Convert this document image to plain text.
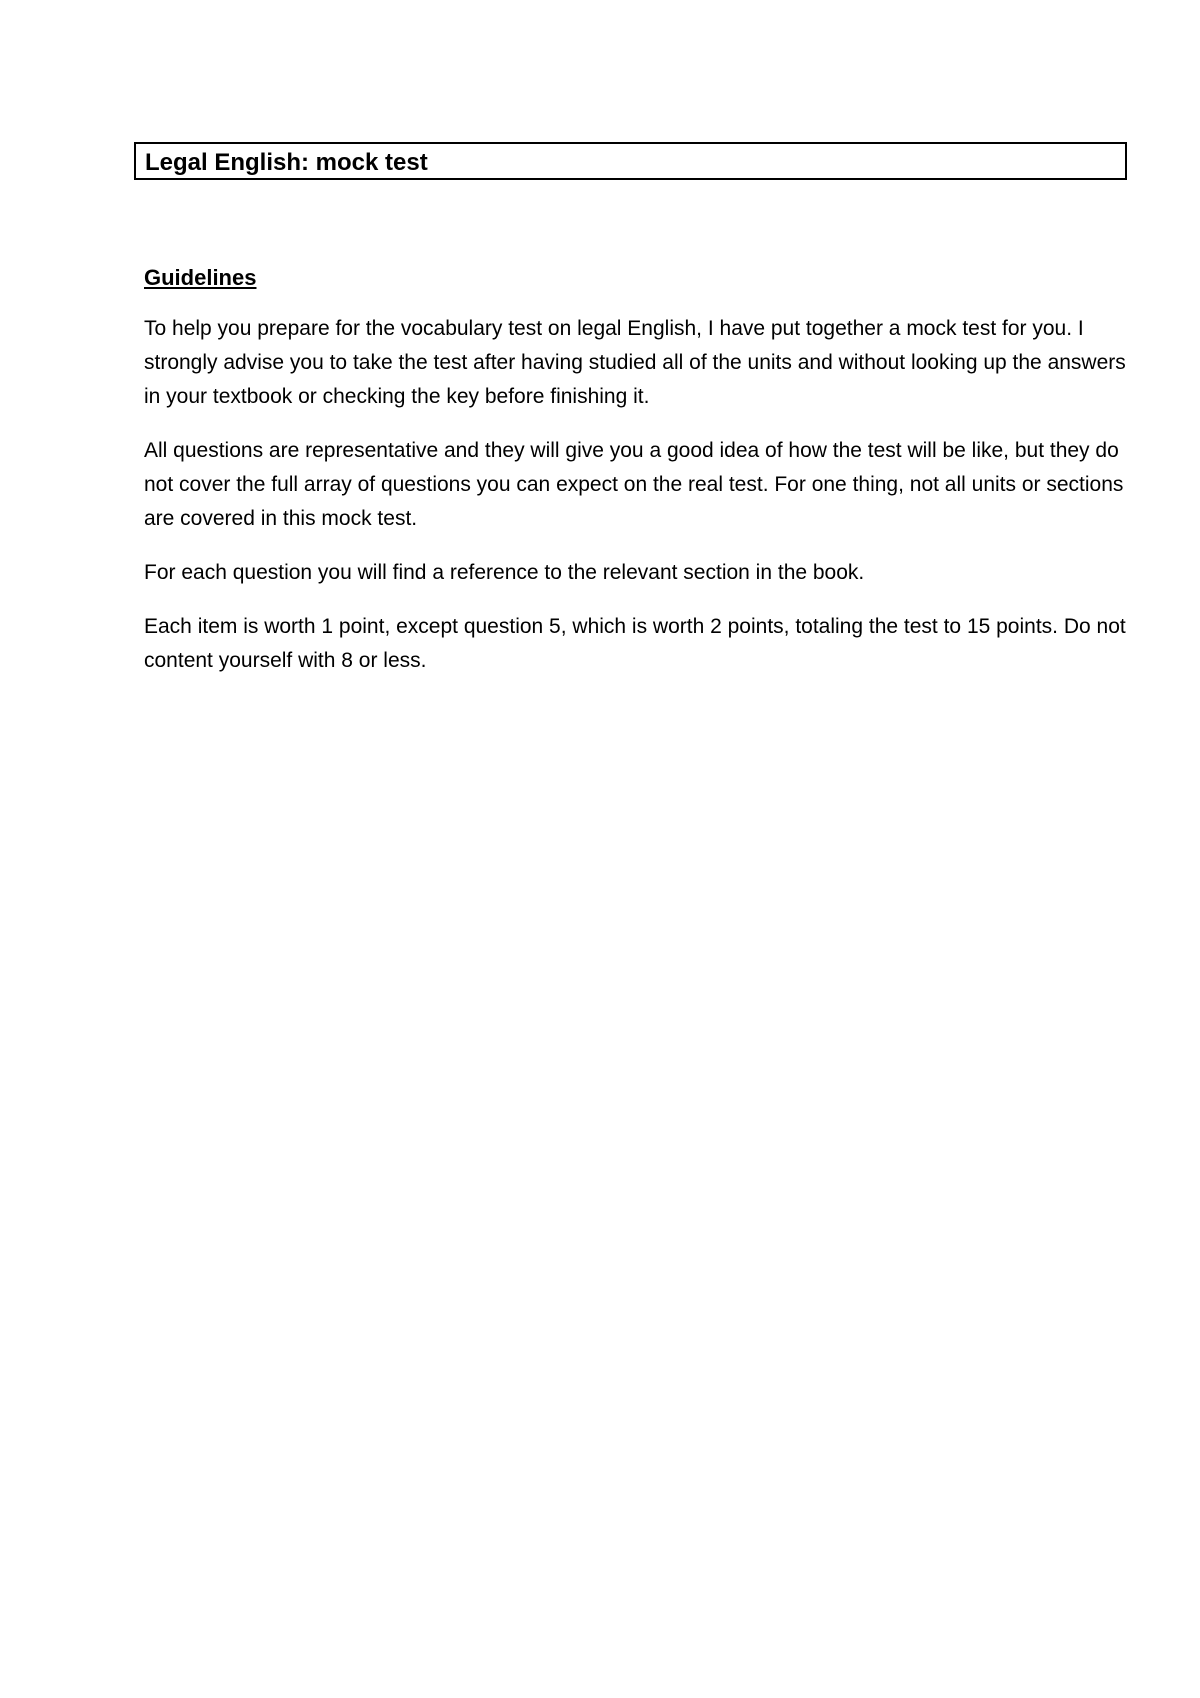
Legal English: mock test
Guidelines

To help you prepare for the vocabulary test on legal English, I have put together a mock test for you. I strongly advise you to take the test after having studied all of the units and without looking up the answers in your textbook or checking the key before finishing it.

All questions are representative and they will give you a good idea of how the test will be like, but they do not cover the full array of questions you can expect on the real test. For one thing, not all units or sections are covered in this mock test.

For each question you will find a reference to the relevant section in the book.

Each item is worth 1 point, except question 5, which is worth 2 points, totaling the test to 15 points. Do not content yourself with 8 or less.
